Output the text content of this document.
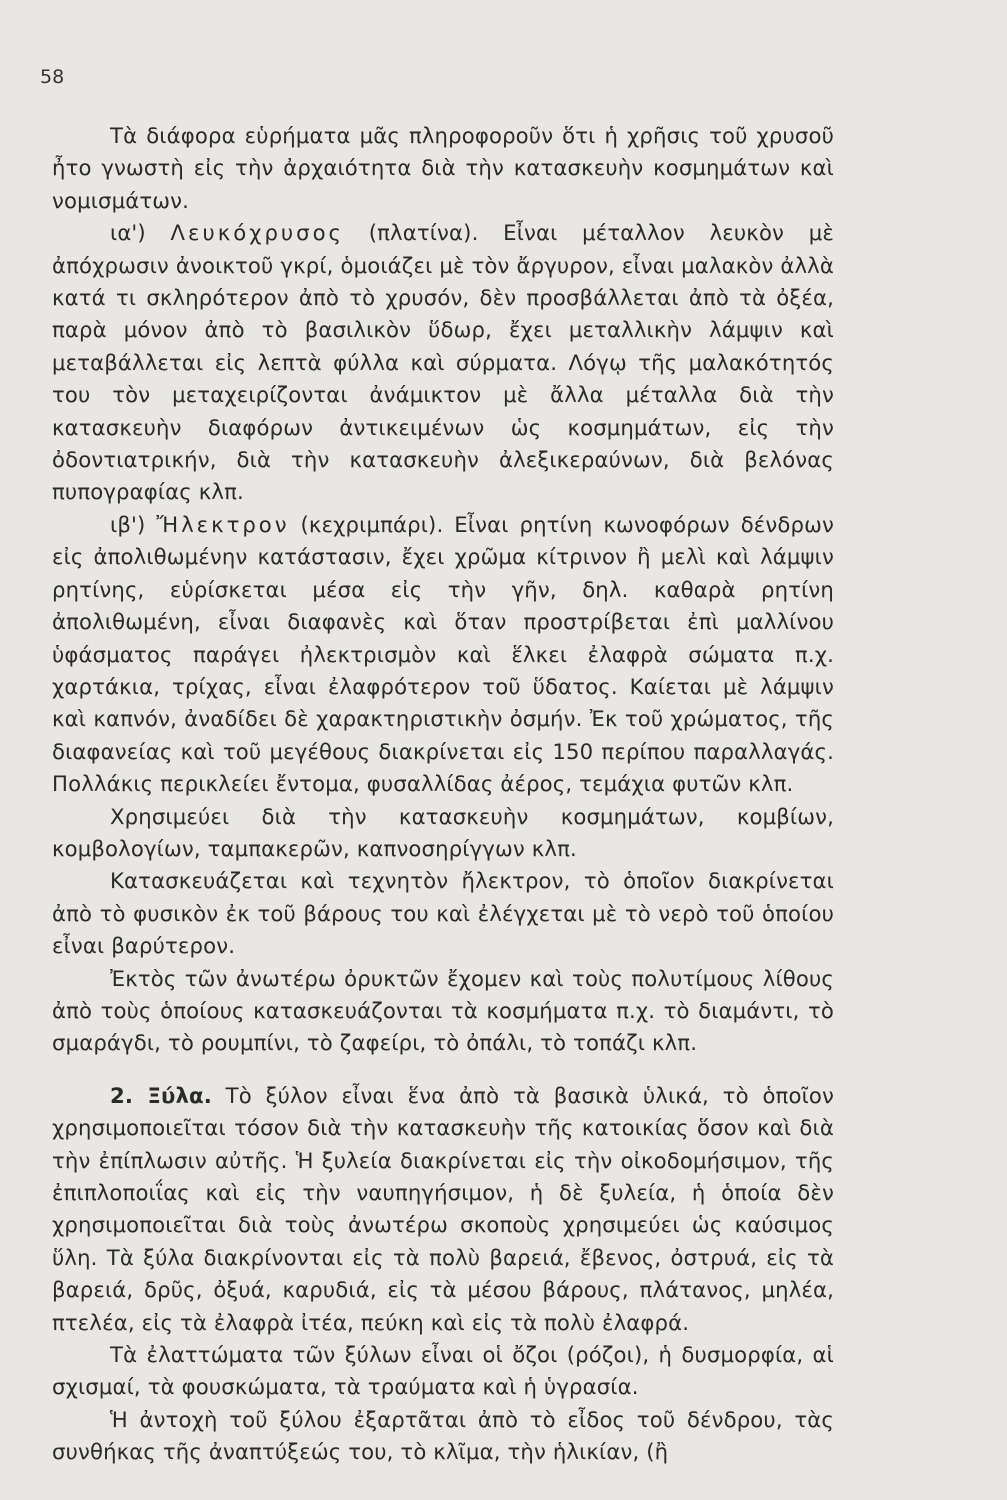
58

Τὰ διάφορα εὑρήματα μᾶς πληροφοροῦν ὅτι ἡ χρῆσις τοῦ χρυσοῦ ἦτο γνωστὴ εἰς τὴν ἀρχαιότητα διὰ τὴν κατασκευὴν κοσμημάτων καὶ νομισμάτων.

ια') Λευκόχρυσος (πλατίνα). Εἶναι μέταλλον λευκὸν μὲ ἀπόχρωσιν ἀνοικτοῦ γκρί, ὁμοιάζει μὲ τὸν ἄργυρον, εἶναι μαλακὸν ἀλλὰ κατά τι σκληρότερον ἀπὸ τὸ χρυσόν, δὲν προσβάλλεται ἀπὸ τὰ ὀξέα, παρὰ μόνον ἀπὸ τὸ βασιλικὸν ὕδωρ, ἔχει μεταλλικὴν λάμψιν καὶ μεταβάλλεται εἰς λεπτὰ φύλλα καὶ σύρματα. Λόγῳ τῆς μαλακότητός του τὸν μεταχειρίζονται ἀνάμικτον μὲ ἄλλα μέταλλα διὰ τὴν κατασκευὴν διαφόρων ἀντικειμένων ὡς κοσμημάτων, εἰς τὴν ὀδοντιατρικήν, διὰ τὴν κατασκευὴν ἀλεξικεραύνων, διὰ βελόνας πυπογραφίας κλπ.

ιβ') Ἤλεκτρον (κεχριμπάρι). Εἶναι ρητίνη κωνοφόρων δένδρων εἰς ἀπολιθωμένην κατάστασιν, ἔχει χρῶμα κίτρινον ἢ μελὶ καὶ λάμψιν ρητίνης, εὑρίσκεται μέσα εἰς τὴν γῆν, δηλ. καθαρὰ ρητίνη ἀπολιθωμένη, εἶναι διαφανὲς καὶ ὅταν προστρίβεται ἐπὶ μαλλίνου ὑφάσματος παράγει ἠλεκτρισμὸν καὶ ἕλκει ἐλαφρὰ σώματα π.χ. χαρτάκια, τρίχας, εἶναι ἐλαφρότερον τοῦ ὕδατος. Καίεται μὲ λάμψιν καὶ καπνόν, ἀναδίδει δὲ χαρακτηριστικὴν ὀσμήν. Ἐκ τοῦ χρώματος, τῆς διαφανείας καὶ τοῦ μεγέθους διακρίνεται εἰς 150 περίπου παραλλαγάς. Πολλάκις περικλείει ἔντομα, φυσαλλίδας ἀέρος, τεμάχια φυτῶν κλπ.

Χρησιμεύει διὰ τὴν κατασκευὴν κοσμημάτων, κομβίων, κομβολογίων, ταμπακερῶν, καπνοσηρίγγων κλπ.

Κατασκευάζεται καὶ τεχνητὸν ἤλεκτρον, τὸ ὁποῖον διακρίνεται ἀπὸ τὸ φυσικὸν ἐκ τοῦ βάρους του καὶ ἐλέγχεται μὲ τὸ νερὸ τοῦ ὁποίου εἶναι βαρύτερον.

Ἐκτὸς τῶν ἀνωτέρω ὀρυκτῶν ἔχομεν καὶ τοὺς πολυτίμους λίθους ἀπὸ τοὺς ὁποίους κατασκευάζονται τὰ κοσμήματα π.χ. τὸ διαμάντι, τὸ σμαράγδι, τὸ ρουμπίνι, τὸ ζαφείρι, τὸ ὀπάλι, τὸ τοπάζι κλπ.

2. Ξύλα. Τὸ ξύλον εἶναι ἕνα ἀπὸ τὰ βασικὰ ὑλικά, τὸ ὁποῖον χρησιμοποιεῖται τόσον διὰ τὴν κατασκευὴν τῆς κατοικίας ὅσον καὶ διὰ τὴν ἐπίπλωσιν αὐτῆς. Ἡ ξυλεία διακρίνεται εἰς τὴν οἰκοδομήσιμον, τῆς ἐπιπλοποιΐας καὶ εἰς τὴν ναυπηγήσιμον, ἡ δὲ ξυλεία, ἡ ὁποία δὲν χρησιμοποιεῖται διὰ τοὺς ἀνωτέρω σκοποὺς χρησιμεύει ὡς καύσιμος ὕλη. Τὰ ξύλα διακρίνονται εἰς τὰ πολὺ βαρειά, ἔβενος, ὀστρυά, εἰς τὰ βαρειά, δρῦς, ὀξυά, καρυδιά, εἰς τὰ μέσου βάρους, πλάτανος, μηλέα, πτελέα, εἰς τὰ ἐλαφρὰ ἰτέα, πεύκη καὶ εἰς τὰ πολὺ ἐλαφρά.

Τὰ ἐλαττώματα τῶν ξύλων εἶναι οἱ ὄζοι (ρόζοι), ἡ δυσμορφία, αἱ σχισμαί, τὰ φουσκώματα, τὰ τραύματα καὶ ἡ ὑγρασία.

Ἡ ἀντοχὴ τοῦ ξύλου ἐξαρτᾶται ἀπὸ τὸ εἶδος τοῦ δένδρου, τὰς συνθήκας τῆς ἀναπτύξεώς του, τὸ κλῖμα, τὴν ἡλικίαν, (ἢ
